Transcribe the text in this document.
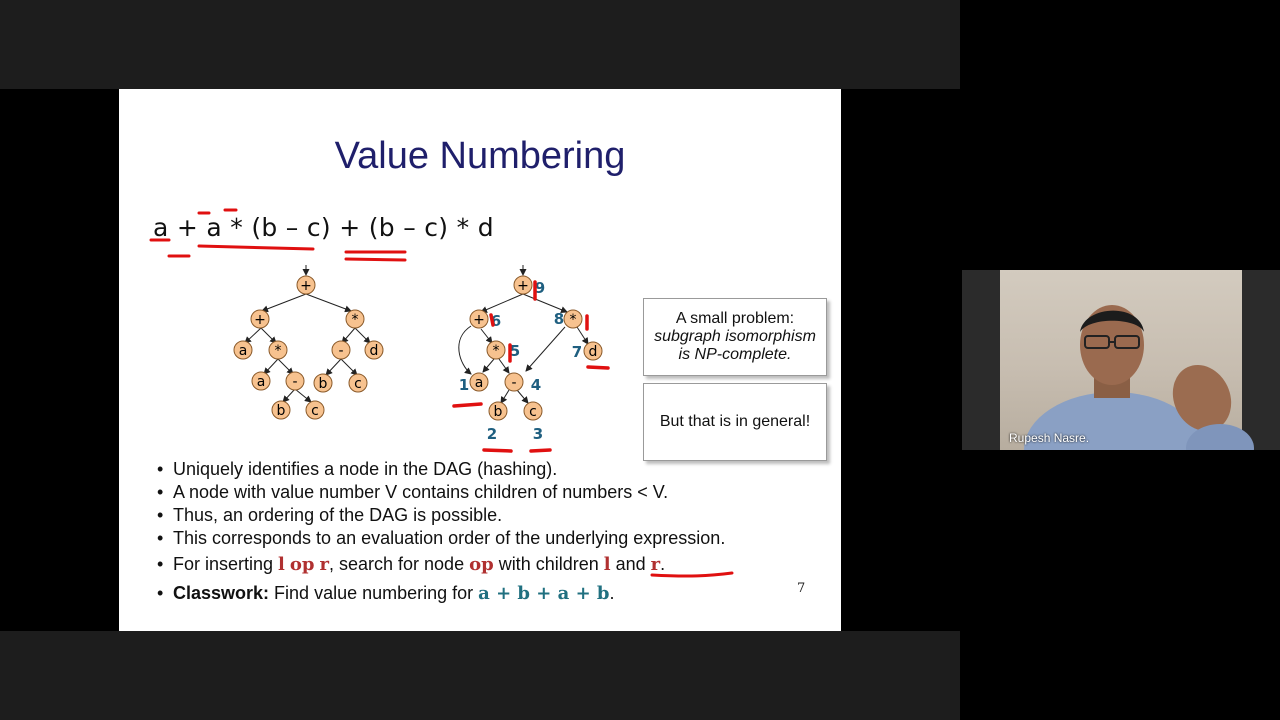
Value Numbering
a + a * (b – c) + (b – c) * d
+
+	*
a *	- d
a - b c
b c
+
+	*
*	d
a -
b c
9
6	8
5	7
1	4
2 3
A small problem:
subgraph isomorphism
is NP-complete.
But that is in general!
• Uniquely identifies a node in the DAG (hashing).
• A node with value number V contains children of numbers < V.
• Thus, an ordering of the DAG is possible.
• This corresponds to an evaluation order of the underlying expression.
• For inserting l op r, search for node op with children l and r.
• Classwork: Find value numbering for a + b + a + b.	7
Rupesh Nasre.
